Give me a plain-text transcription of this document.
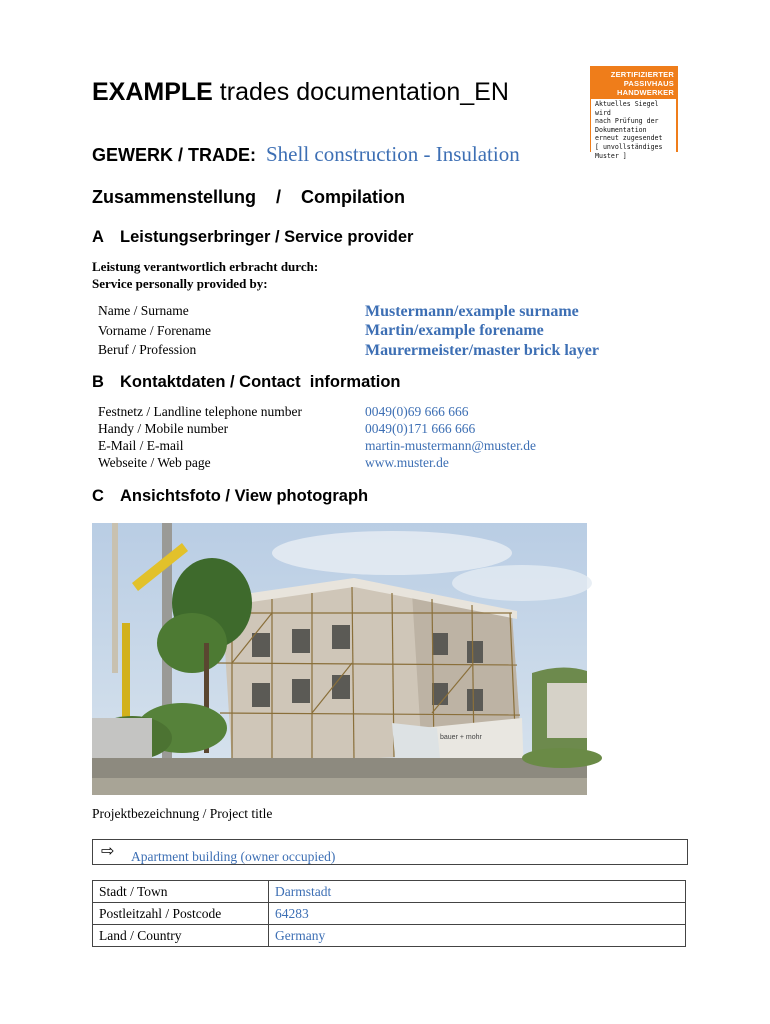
EXAMPLE trades documentation_EN
ZERTIFIZIERTER
PASSIVHAUS
HANDWERKER
Aktuelles Siegel wird
nach Prüfung der
Dokumentation
erneut zugesendet
[ unvollständiges
Muster ]
GEWERK / TRADE: Shell construction - Insulation
Zusammenstellung    /    Compilation
A Leistungserbringer / Service provider
Leistung verantwortlich erbracht durch:
Service personally provided by:
Name / Surname	Mustermann/example surname
Vorname / Forename	Martin/example forename
Beruf / Profession	Maurermeister/master brick layer
B Kontaktdaten / Contact  information
Festnetz / Landline telephone number	0049(0)69 666 666
Handy / Mobile number	0049(0)171 666 666
E-Mail / E-mail	martin-mustermann@muster.de
Webseite / Web page	www.muster.de
C Ansichtsfoto / View photograph
bauer + mohr
Projektbezeichnung / Project title
⇨ Apartment building (owner occupied)
Stadt / Town	Darmstadt
Postleitzahl / Postcode	64283
Land / Country	Germany
